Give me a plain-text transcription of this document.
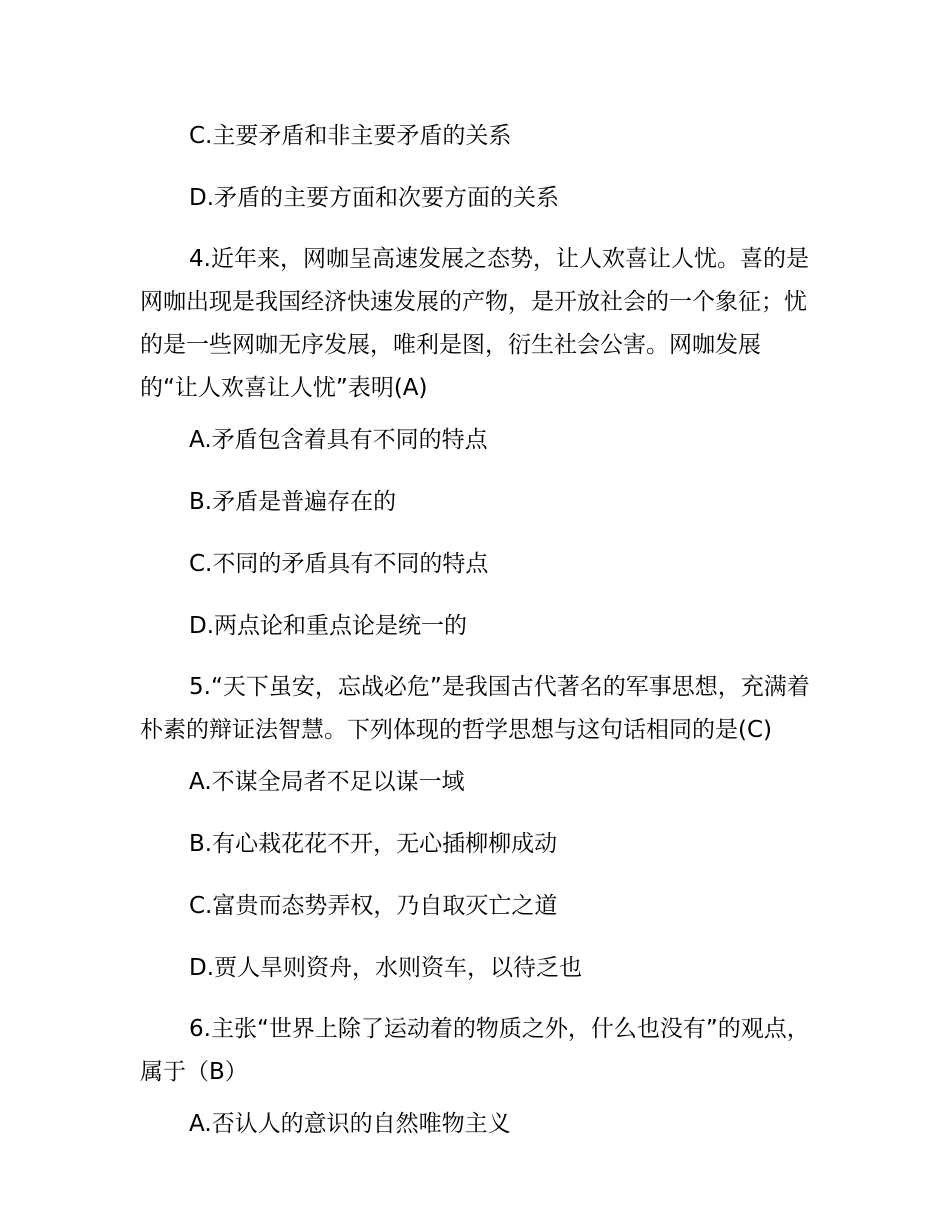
C.主要矛盾和非主要矛盾的关系

D.矛盾的主要方面和次要方面的关系

4.近年来，网咖呈高速发展之态势，让人欢喜让人忧。喜的是网咖出现是我国经济快速发展的产物，是开放社会的一个象征；忧的是一些网咖无序发展，唯利是图，衍生社会公害。网咖发展的“让人欢喜让人忧”表明(A)

A.矛盾包含着具有不同的特点

B.矛盾是普遍存在的

C.不同的矛盾具有不同的特点

D.两点论和重点论是统一的

5.“天下虽安，忘战必危”是我国古代著名的军事思想，充满着朴素的辩证法智慧。下列体现的哲学思想与这句话相同的是(C)

A.不谋全局者不足以谋一域

B.有心栽花花不开，无心插柳柳成动

C.富贵而态势弄权，乃自取灭亡之道

D.贾人旱则资舟，水则资车，以待乏也

6.主张“世界上除了运动着的物质之外，什么也没有”的观点，属于（B）

A.否认人的意识的自然唯物主义
